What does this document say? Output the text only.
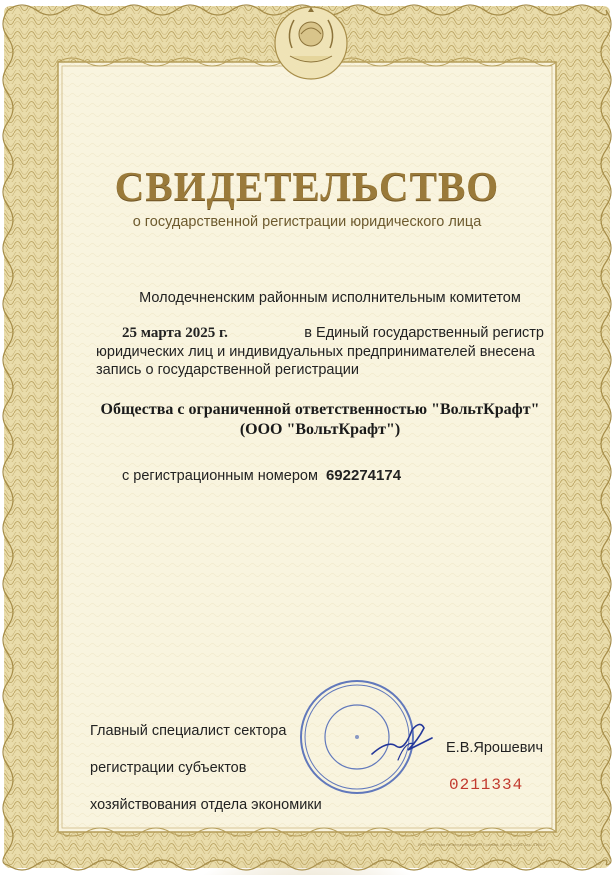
СВИДЕТЕЛЬСТВО
о государственной регистрации юридического лица
Молодечненским районным исполнительным комитетом
25 марта 2025 г.	в Единый государственный регистр
юридических лиц и индивидуальных предпринимателей внесена
запись о государственной регистрации
Общества с ограниченной ответственностью "ВольтКрафт"
(ООО "ВольтКрафт")
с регистрационным номером 692274174

Главный специалист сектора

регистрации субъектов

хозяйствования отдела экономики

Е.В.Ярошевич
0211334
УНП, "Минская печатная фабрика" Гознака, Минск 2024. Зак. 1164-3
